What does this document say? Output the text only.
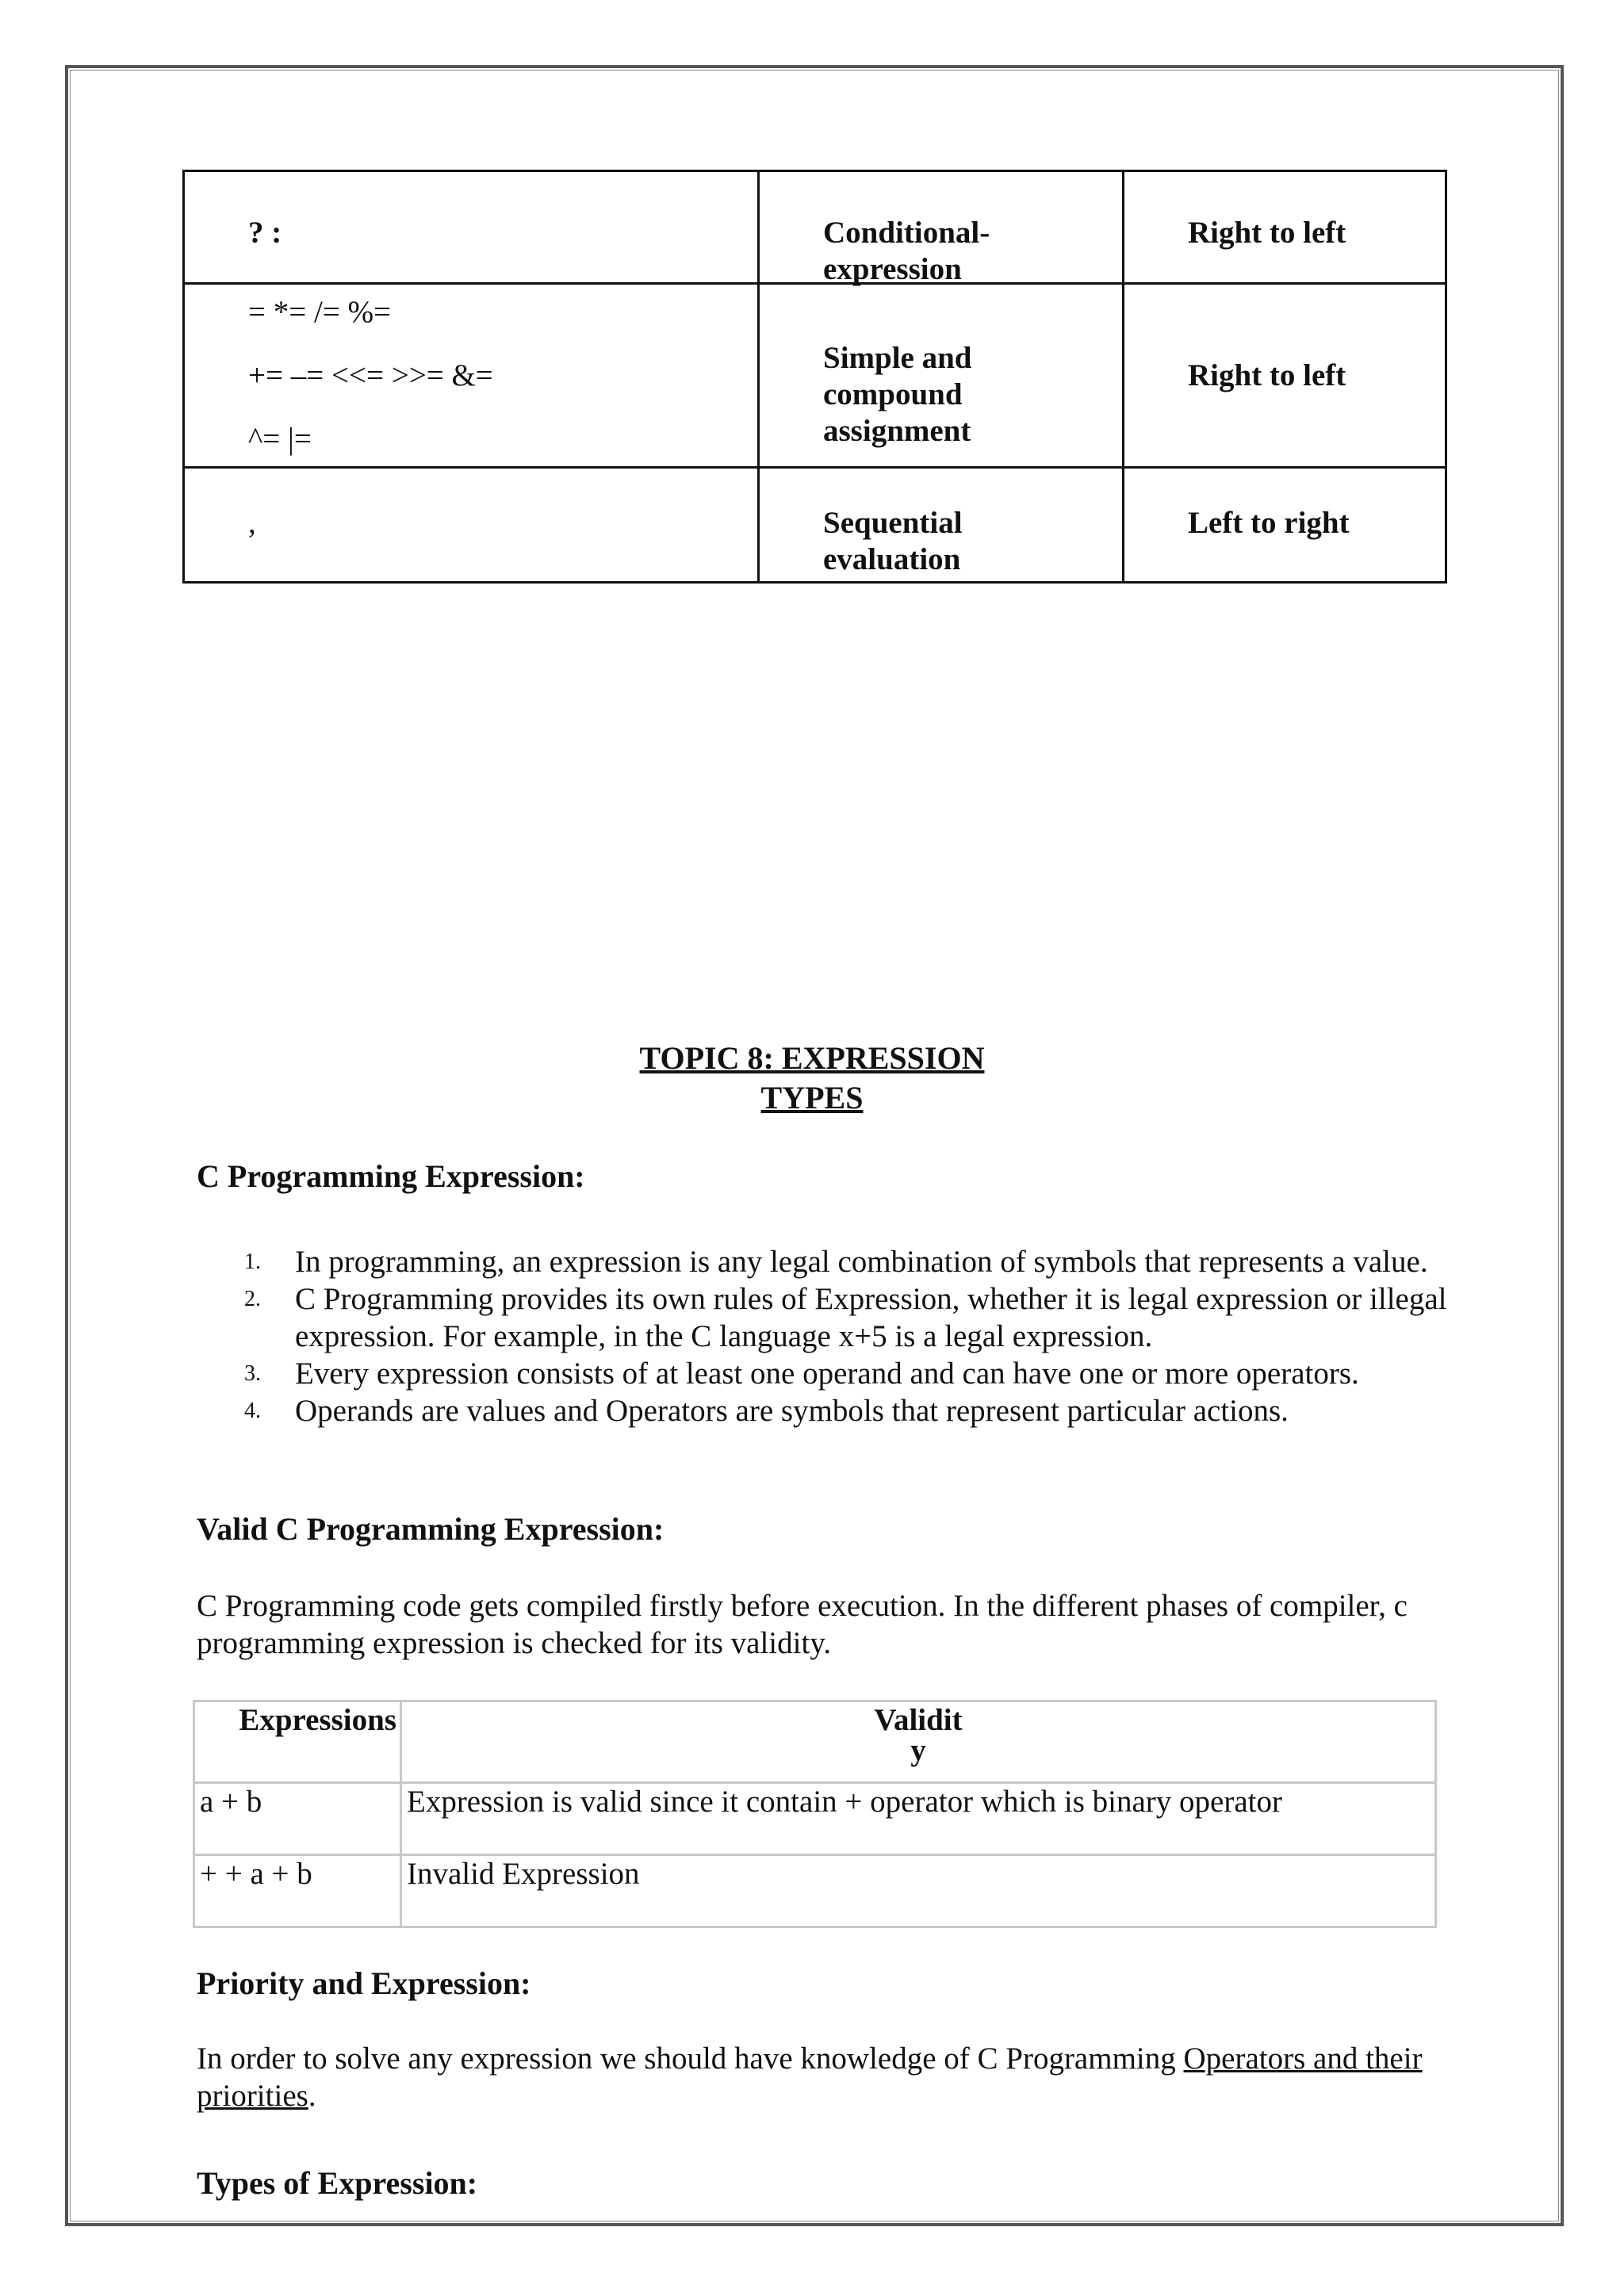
? :	Conditional-expression	Right to left

= *= /= %=
+= –= <<= >>= &=
^= |=	Simple and compound assignment	Right to left

,	Sequential evaluation	Left to right
TOPIC 8: EXPRESSION
TYPES
C Programming Expression:
1. In programming, an expression is any legal combination of symbols that represents a value.
2. C Programming provides its own rules of Expression, whether it is legal expression or illegal expression. For example, in the C language x+5 is a legal expression.
3. Every expression consists of at least one operand and can have one or more operators.
4. Operands are values and Operators are symbols that represent particular actions.
Valid C Programming Expression:
C Programming code gets compiled firstly before execution. In the different phases of compiler, c programming expression is checked for its validity.
Expressions	Validit
y

a + b	Expression is valid since it contain + operator which is binary operator
+ + a + b	Invalid Expression
Priority and Expression:
In order to solve any expression we should have knowledge of C Programming Operators and their
priorities.
Types of Expression:
